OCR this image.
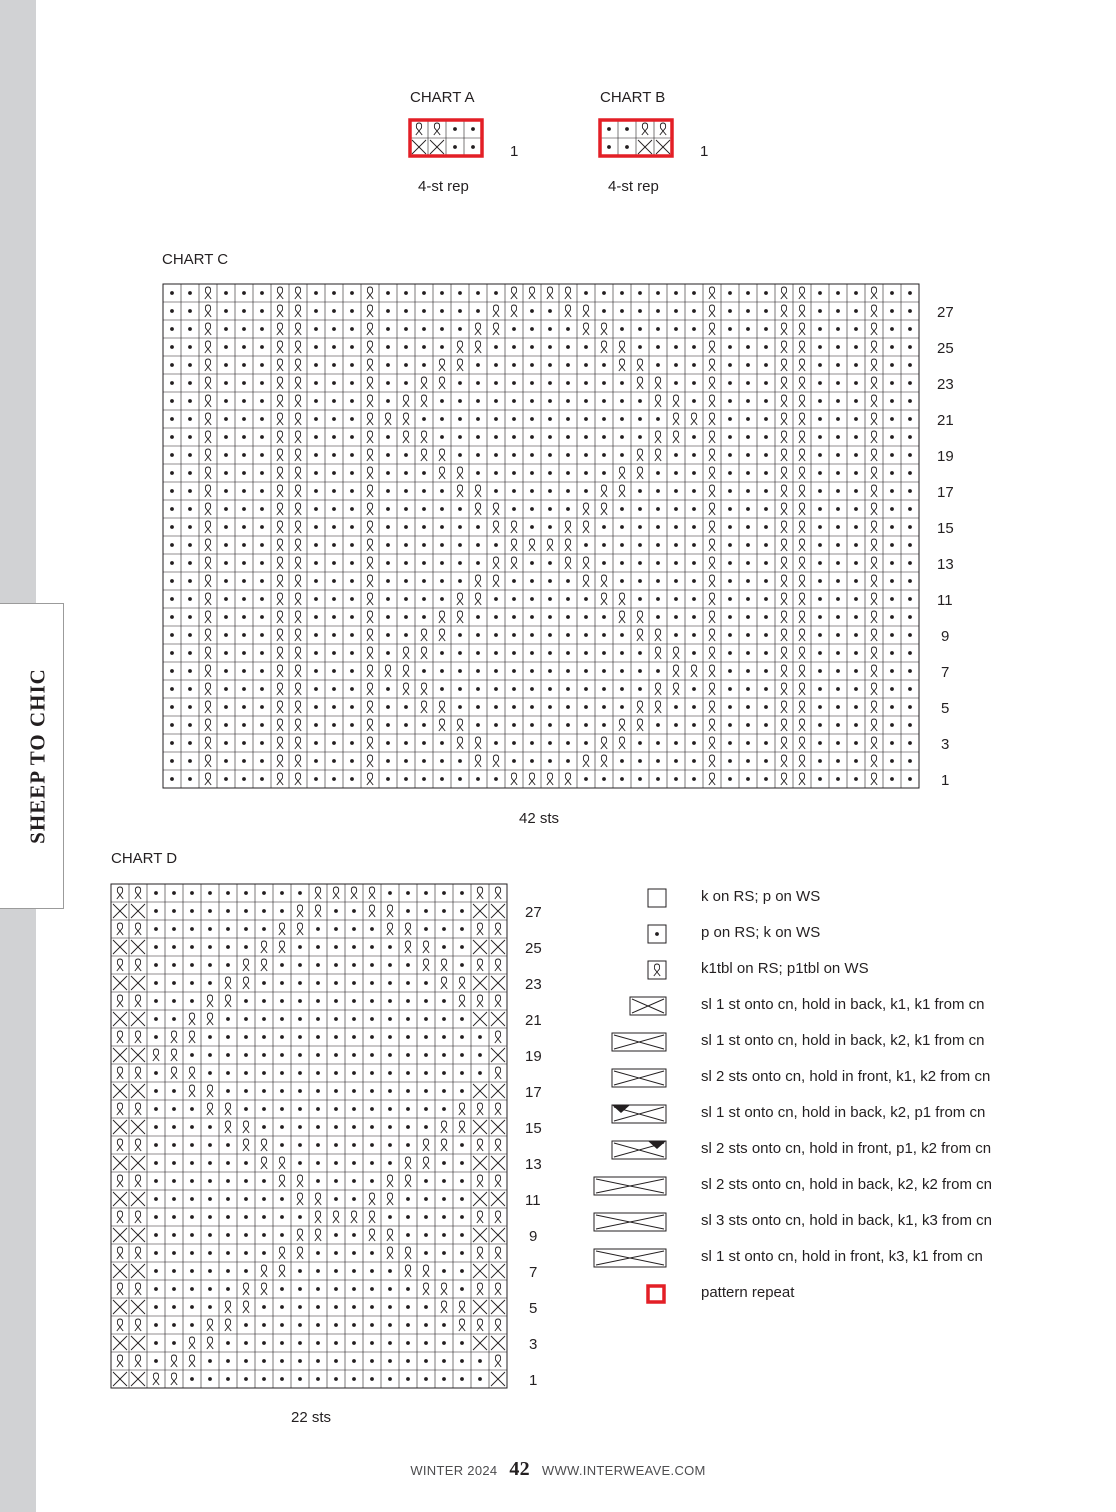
SHEEP TO CHIC
CHART A
1
4-st rep
CHART B
1
4-st rep
CHART C
27
25
23
21
19
17
15
13
11
9
7
5
3
1
42 sts
CHART D
27
25
23
21
19
17
15
13
11
9
7
5
3
1
22 sts
k on RS; p on WS
p on RS; k on WS
k1tbl on RS; p1tbl on WS
sl 1 st onto cn, hold in back, k1, k1 from cn
sl 1 st onto cn, hold in back, k2, k1 from cn
sl 2 sts onto cn, hold in front, k1, k2 from cn
sl 1 st onto cn, hold in back, k2, p1 from cn
sl 2 sts onto cn, hold in front, p1, k2 from cn
sl 2 sts onto cn, hold in back, k2, k2 from cn
sl 3 sts onto cn, hold in back, k1, k3 from cn
sl 1 st onto cn, hold in front, k3, k1 from cn
pattern repeat
WINTER 2024 42 WWW.INTERWEAVE.COM
